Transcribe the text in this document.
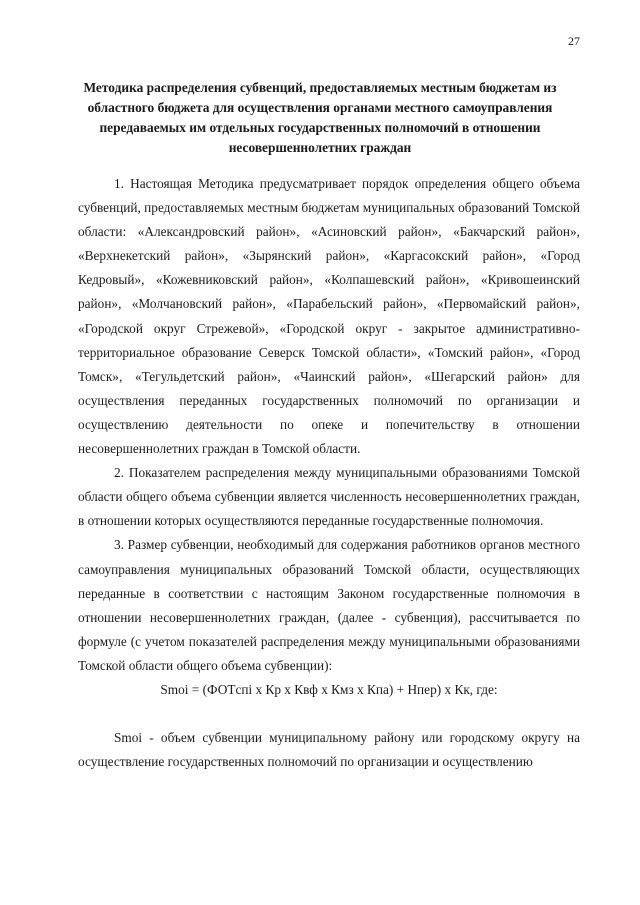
27
Методика распределения субвенций, предоставляемых местным бюджетам из областного бюджета для осуществления органами местного самоуправления передаваемых им отдельных государственных полномочий в отношении несовершеннолетних граждан

1. Настоящая Методика предусматривает порядок определения общего объема субвенций, предоставляемых местным бюджетам муниципальных образований Томской области: «Александровский район», «Асиновский район», «Бакчарский район», «Верхнекетский район», «Зырянский район», «Каргасокский район», «Город Кедровый», «Кожевниковский район», «Колпашевский район», «Кривошеинский район», «Молчановский район», «Парабельский район», «Первомайский район», «Городской округ Стрежевой», «Городской округ - закрытое административно-территориальное образование Северск Томской области», «Томский район», «Город Томск», «Тегульдетский район», «Чаинский район», «Шегарский район» для осуществления переданных государственных полномочий по организации и осуществлению деятельности по опеке и попечительству в отношении несовершеннолетних граждан в Томской области.

2. Показателем распределения между муниципальными образованиями Томской области общего объема субвенции является численность несовершеннолетних граждан, в отношении которых осуществляются переданные государственные полномочия.

3. Размер субвенции, необходимый для содержания работников органов местного самоуправления муниципальных образований Томской области, осуществляющих переданные в соответствии с настоящим Законом государственные полномочия в отношении несовершеннолетних граждан, (далее - субвенция), рассчитывается по формуле (с учетом показателей распределения между муниципальными образованиями Томской области общего объема субвенции):

Smoi = (ФОТcпi x Кр x Квф x Кмз x Кпа) + Нпер) x Кк, где:

Smoi - объем субвенции муниципальному району или городскому округу на осуществление государственных полномочий по организации и осуществлению
